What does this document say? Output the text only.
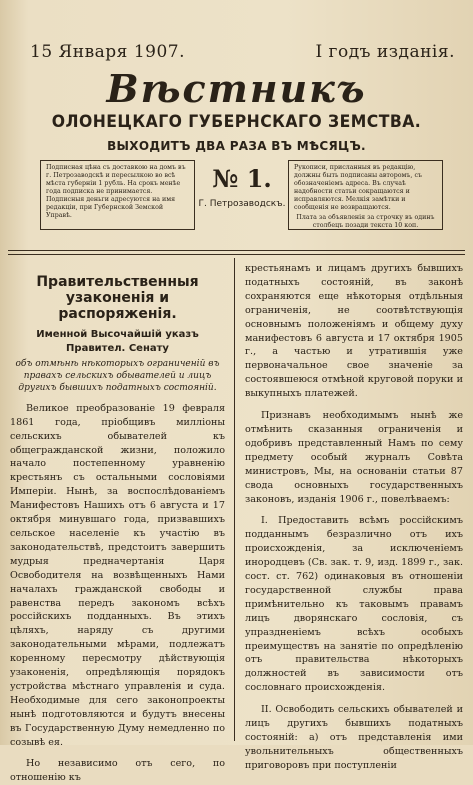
15 Января 1907.	I годъ изданія.
Вѣстникъ
ОЛОНЕЦКАГО ГУБЕРНСКАГО ЗЕМСТВА.
ВЫХОДИТЪ ДВА РАЗА ВЪ МѢСЯЦЪ.
Подписная цѣна съ доставкою на домъ въ г. Петрозаводскѣ и пересылкою во всѣ мѣста губерніи 1 рубль. На срокъ менѣе года подписка не принимается. Подписныя деньги адресуются на имя редакціи, при Губернской Земской Управѣ.
№ 1.
Г. Петрозаводскъ.
Рукописи, присланныя въ редакцію, должны быть подписаны авторомъ, съ обозначеніемъ адреса. Въ случаѣ надобности статьи сокращаются и исправляются. Мелкія замѣтки и сообщенія не возвращаются.
Плата за объявленія за строчку въ одинъ столбецъ позади текста 10 коп.
Правительственныя узаконенія и распоряженія.
Именной Высочайшій указъ Правител. Сенату
объ отмѣнѣ нѣкоторыхъ ограниченій въ правахъ сельскихъ обывателей и лицъ другихъ бывшихъ податныхъ состояній.

Великое преобразованіе 19 февраля 1861 года, пріобщивъ милліоны сельскихъ обывателей къ общегражданской жизни, положило начало постепенному уравненію крестьянъ съ остальными сословіями Имперіи. Нынѣ, за воспослѣдованіемъ Манифестовъ Нашихъ отъ 6 августа и 17 октября минувшаго года, призвавшихъ сельское населеніе къ участію въ законодательствѣ, предстоитъ завершить мудрыя предначертанія Царя Освободителя на возвѣщенныхъ Нами началахъ гражданской свободы и равенства передъ закономъ всѣхъ россійскихъ подданныхъ. Въ этихъ цѣляхъ, наряду съ другими законодательными мѣрами, подлежатъ коренному пересмотру дѣйствующія узаконенія, опредѣляющія порядокъ устройства мѣстнаго управленія и суда. Необходимые для сего законопроекты нынѣ подготовляются и будутъ внесены въ Государственную Думу немедленно по созывѣ ея.

Но независимо отъ сего, по отношенію къ

крестьянамъ и лицамъ другихъ бывшихъ податныхъ состояній, въ законѣ сохраняются еще нѣкоторыя отдѣльныя ограниченія, не соотвѣтствующія основнымъ положеніямъ и общему духу манифестовъ 6 августа и 17 октября 1905 г., а частью и утратившія уже первоначальное свое значеніе за состоявшеюся отмѣной круговой поруки и выкупныхъ платежей.

Признавъ необходимымъ нынѣ же отмѣнить сказанныя ограниченія и одобривъ представленный Намъ по сему предмету особый журналъ Совѣта министровъ, Мы, на основаніи статьи 87 свода основныхъ государственныхъ законовъ, изданія 1906 г., повелѣваемъ:

I. Предоставить всѣмъ россійскимъ подданнымъ безразлично отъ ихъ происхожденія, за исключеніемъ инородцевъ (Св. зак. т. 9, изд. 1899 г., зак. сост. ст. 762) одинаковыя въ отношеніи государственной службы права примѣнительно къ таковымъ правамъ лицъ дворянскаго сословія, съ упраздненіемъ всѣхъ особыхъ преимуществъ на занятіе по опредѣленію отъ правительства нѣкоторыхъ должностей въ зависимости отъ сословнаго происхожденія.

II. Освободить сельскихъ обывателей и лицъ другихъ бывшихъ податныхъ состояній: а) отъ представленія ими увольнительныхъ общественныхъ приговоровъ при поступленіи
